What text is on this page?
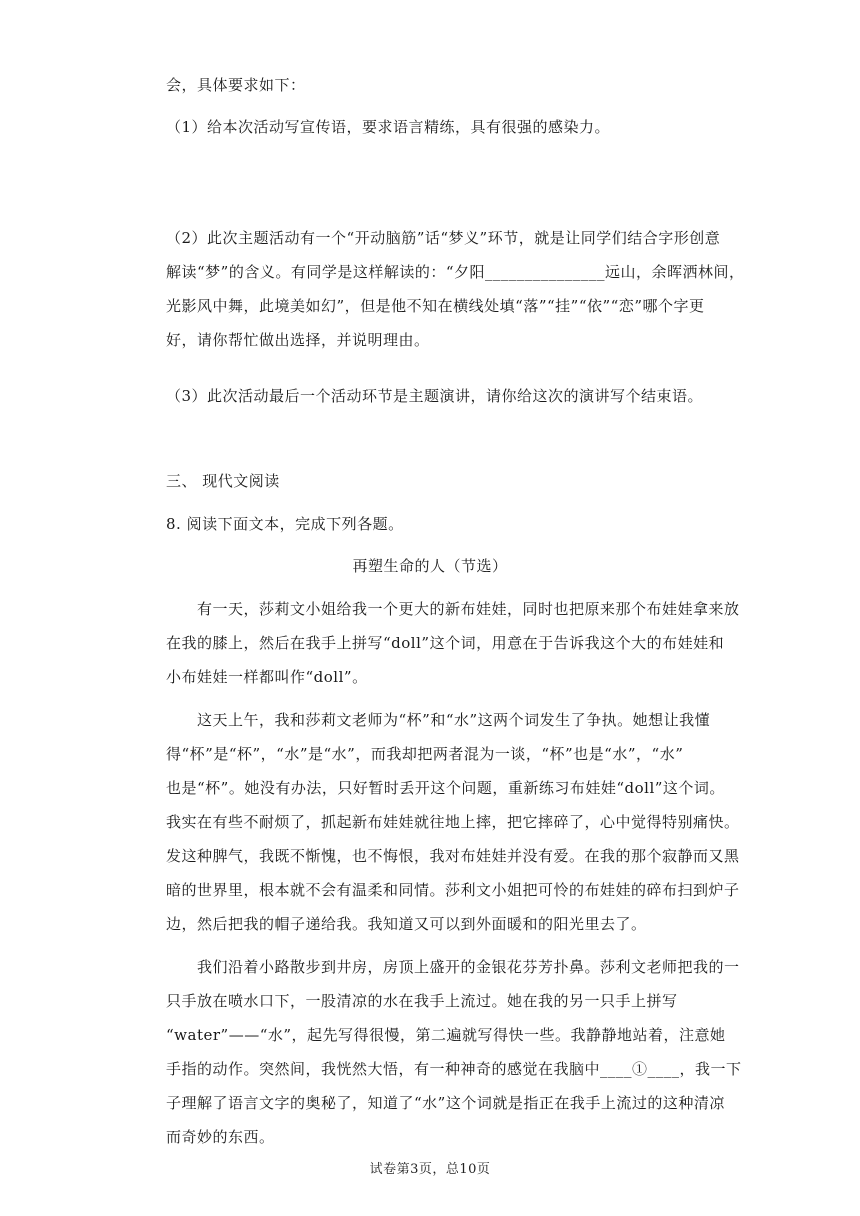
会，具体要求如下：
（1）给本次活动写宣传语，要求语言精练，具有很强的感染力。
（2）此次主题活动有一个“开动脑筋”话“梦义”环节，就是让同学们结合字形创意
解读“梦”的含义。有同学是这样解读的：“夕阳_______________远山，余晖洒林间，
光影风中舞，此境美如幻”，但是他不知在横线处填“落”“挂”“依”“恋”哪个字更
好，请你帮忙做出选择，并说明理由。
（3）此次活动最后一个活动环节是主题演讲，请你给这次的演讲写个结束语。
三、 现代文阅读
8. 阅读下面文本，完成下列各题。
再塑生命的人（节选）
　　有一天，莎莉文小姐给我一个更大的新布娃娃，同时也把原来那个布娃娃拿来放
在我的膝上，然后在我手上拼写“doll”这个词，用意在于告诉我这个大的布娃娃和
小布娃娃一样都叫作“doll”。
　　这天上午，我和莎莉文老师为“杯”和“水”这两个词发生了争执。她想让我懂
得“杯”是“杯”，“水”是“水”，而我却把两者混为一谈，“杯”也是“水”，“水”
也是“杯”。她没有办法，只好暂时丢开这个问题，重新练习布娃娃“doll”这个词。
我实在有些不耐烦了，抓起新布娃娃就往地上摔，把它摔碎了，心中觉得特别痛快。
发这种脾气，我既不惭愧，也不悔恨，我对布娃娃并没有爱。在我的那个寂静而又黑
暗的世界里，根本就不会有温柔和同情。莎利文小姐把可怜的布娃娃的碎布扫到炉子
边，然后把我的帽子递给我。我知道又可以到外面暖和的阳光里去了。
　　我们沿着小路散步到井房，房顶上盛开的金银花芬芳扑鼻。莎利文老师把我的一
只手放在喷水口下，一股清凉的水在我手上流过。她在我的另一只手上拼写
“water”——“水”，起先写得很慢，第二遍就写得快一些。我静静地站着，注意她
手指的动作。突然间，我恍然大悟，有一种神奇的感觉在我脑中____①____，我一下
子理解了语言文字的奥秘了，知道了“水”这个词就是指正在我手上流过的这种清凉
而奇妙的东西。
试卷第3页，总10页
